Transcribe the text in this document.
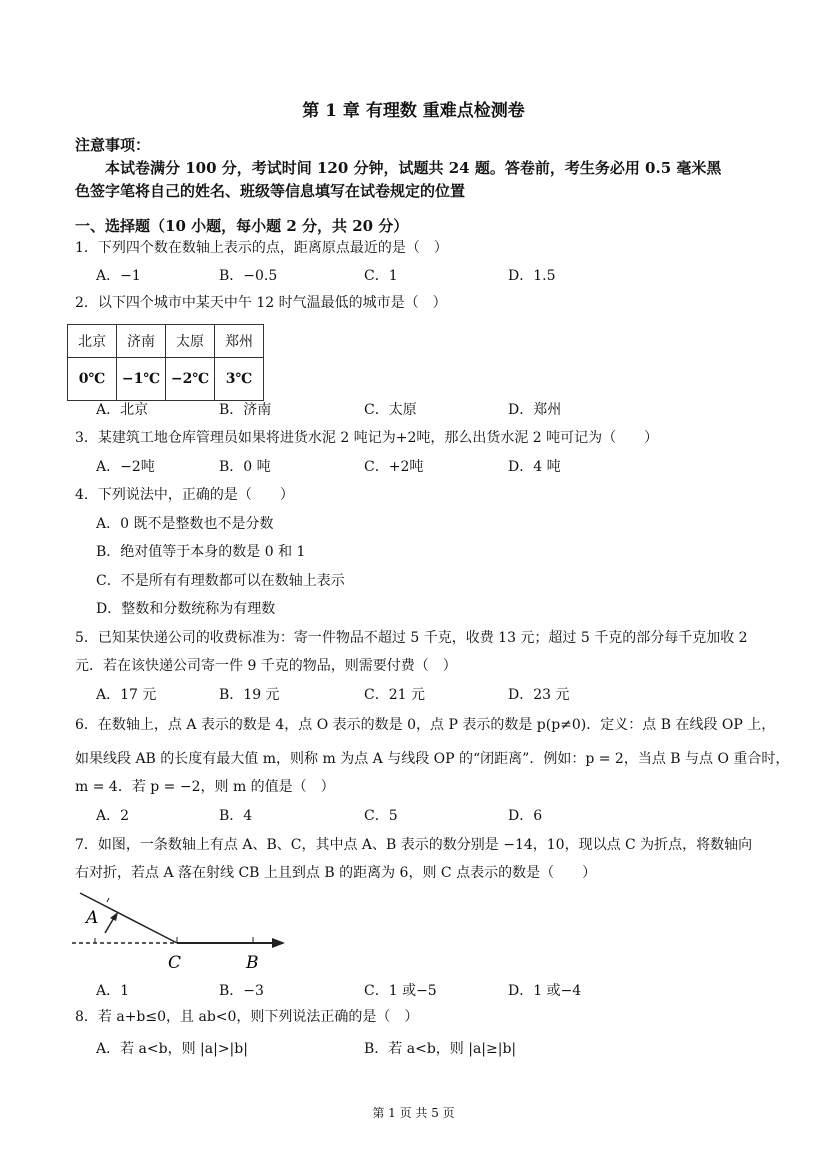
第 1 章 有理数 重难点检测卷
注意事项：
本试卷满分 100 分，考试时间 120 分钟，试题共 24 题。答卷前，考生务必用 0.5 毫米黑
色签字笔将自己的姓名、班级等信息填写在试卷规定的位置
一、选择题（10 小题，每小题 2 分，共 20 分）
1．下列四个数在数轴上表示的点，距离原点最近的是（　）
A．−1	B．−0.5	C．1	D．1.5
2．以下四个城市中某天中午 12 时气温最低的城市是（　）
北京	济南	太原	郑州
0℃	−1℃	−2℃	3℃
A．北京	B．济南	C．太原	D．郑州
3．某建筑工地仓库管理员如果将进货水泥 2 吨记为+2吨，那么出货水泥 2 吨可记为（　　）
A．−2吨	B．0 吨	C．+2吨	D．4 吨
4．下列说法中，正确的是（　　）
A．0 既不是整数也不是分数
B．绝对值等于本身的数是 0 和 1
C．不是所有有理数都可以在数轴上表示
D．整数和分数统称为有理数
5．已知某快递公司的收费标准为：寄一件物品不超过 5 千克，收费 13 元；超过 5 千克的部分每千克加收 2
元．若在该快递公司寄一件 9 千克的物品，则需要付费（　）
A．17 元	B．19 元	C．21 元	D．23 元
6．在数轴上，点 A 表示的数是 4，点 O 表示的数是 0，点 P 表示的数是 p(p≠0)．定义：点 B 在线段 OP 上，
如果线段 AB 的长度有最大值 m，则称 m 为点 A 与线段 OP 的“闭距离”．例如：p = 2，当点 B 与点 O 重合时，
m = 4．若 p = −2，则 m 的值是（　）
A．2	B．4	C．5	D．6
7．如图，一条数轴上有点 A、B、C，其中点 A、B 表示的数分别是 −14，10，现以点 C 为折点，将数轴向
右对折，若点 A 落在射线 CB 上且到点 B 的距离为 6，则 C 点表示的数是（　　）
A
C	B
A．1	B．−3	C．1 或−5	D．1 或−4
8．若 a+b≤0，且 ab<0，则下列说法正确的是（　）
A．若 a<b，则 |a|>|b|	B．若 a<b，则 |a|≥|b|
第 1 页 共 5 页
